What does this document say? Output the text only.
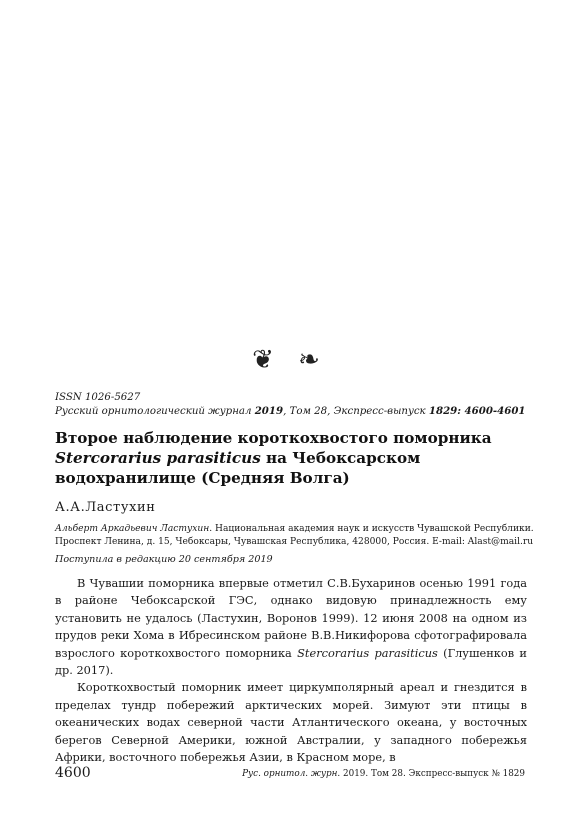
❦ ❧
ISSN 1026-5627
Русский орнитологический журнал 2019, Том 28, Экспресс-выпуск 1829: 4600-4601
Второе наблюдение короткохвостого поморника
Stercorarius parasiticus на Чебоксарском
водохранилище (Средняя Волга)
А.А.Ластухин
Альберт Аркадьевич Ластухин. Национальная академия наук и искусств Чувашской Республики.
Проспект Ленина, д. 15, Чебоксары, Чувашская Республика, 428000, Россия. E-mail: Alast@mail.ru
Поступила в редакцию 20 сентября 2019

В Чувашии поморника впервые отметил С.В.Бухаринов осенью 1991 года в районе Чебоксарской ГЭС, однако видовую принадлежность ему установить не удалось (Ластухин, Воронов 1999). 12 июня 2008 на одном из прудов реки Хома в Ибресинском районе В.В.Никифорова сфотографировала взрослого короткохвостого поморника Stercorarius parasiticus (Глушенков и др. 2017).

Короткохвостый поморник имеет циркумполярный ареал и гнездится в пределах тундр побережий арктических морей. Зимуют эти птицы в океанических водах северной части Атлантического океана, у восточных берегов Северной Америки, южной Австралии, у западного побережья Африки, восточного побережья Азии, в Красном море, в

4600	Рус. орнитол. журн. 2019. Том 28. Экспресс-выпуск № 1829
